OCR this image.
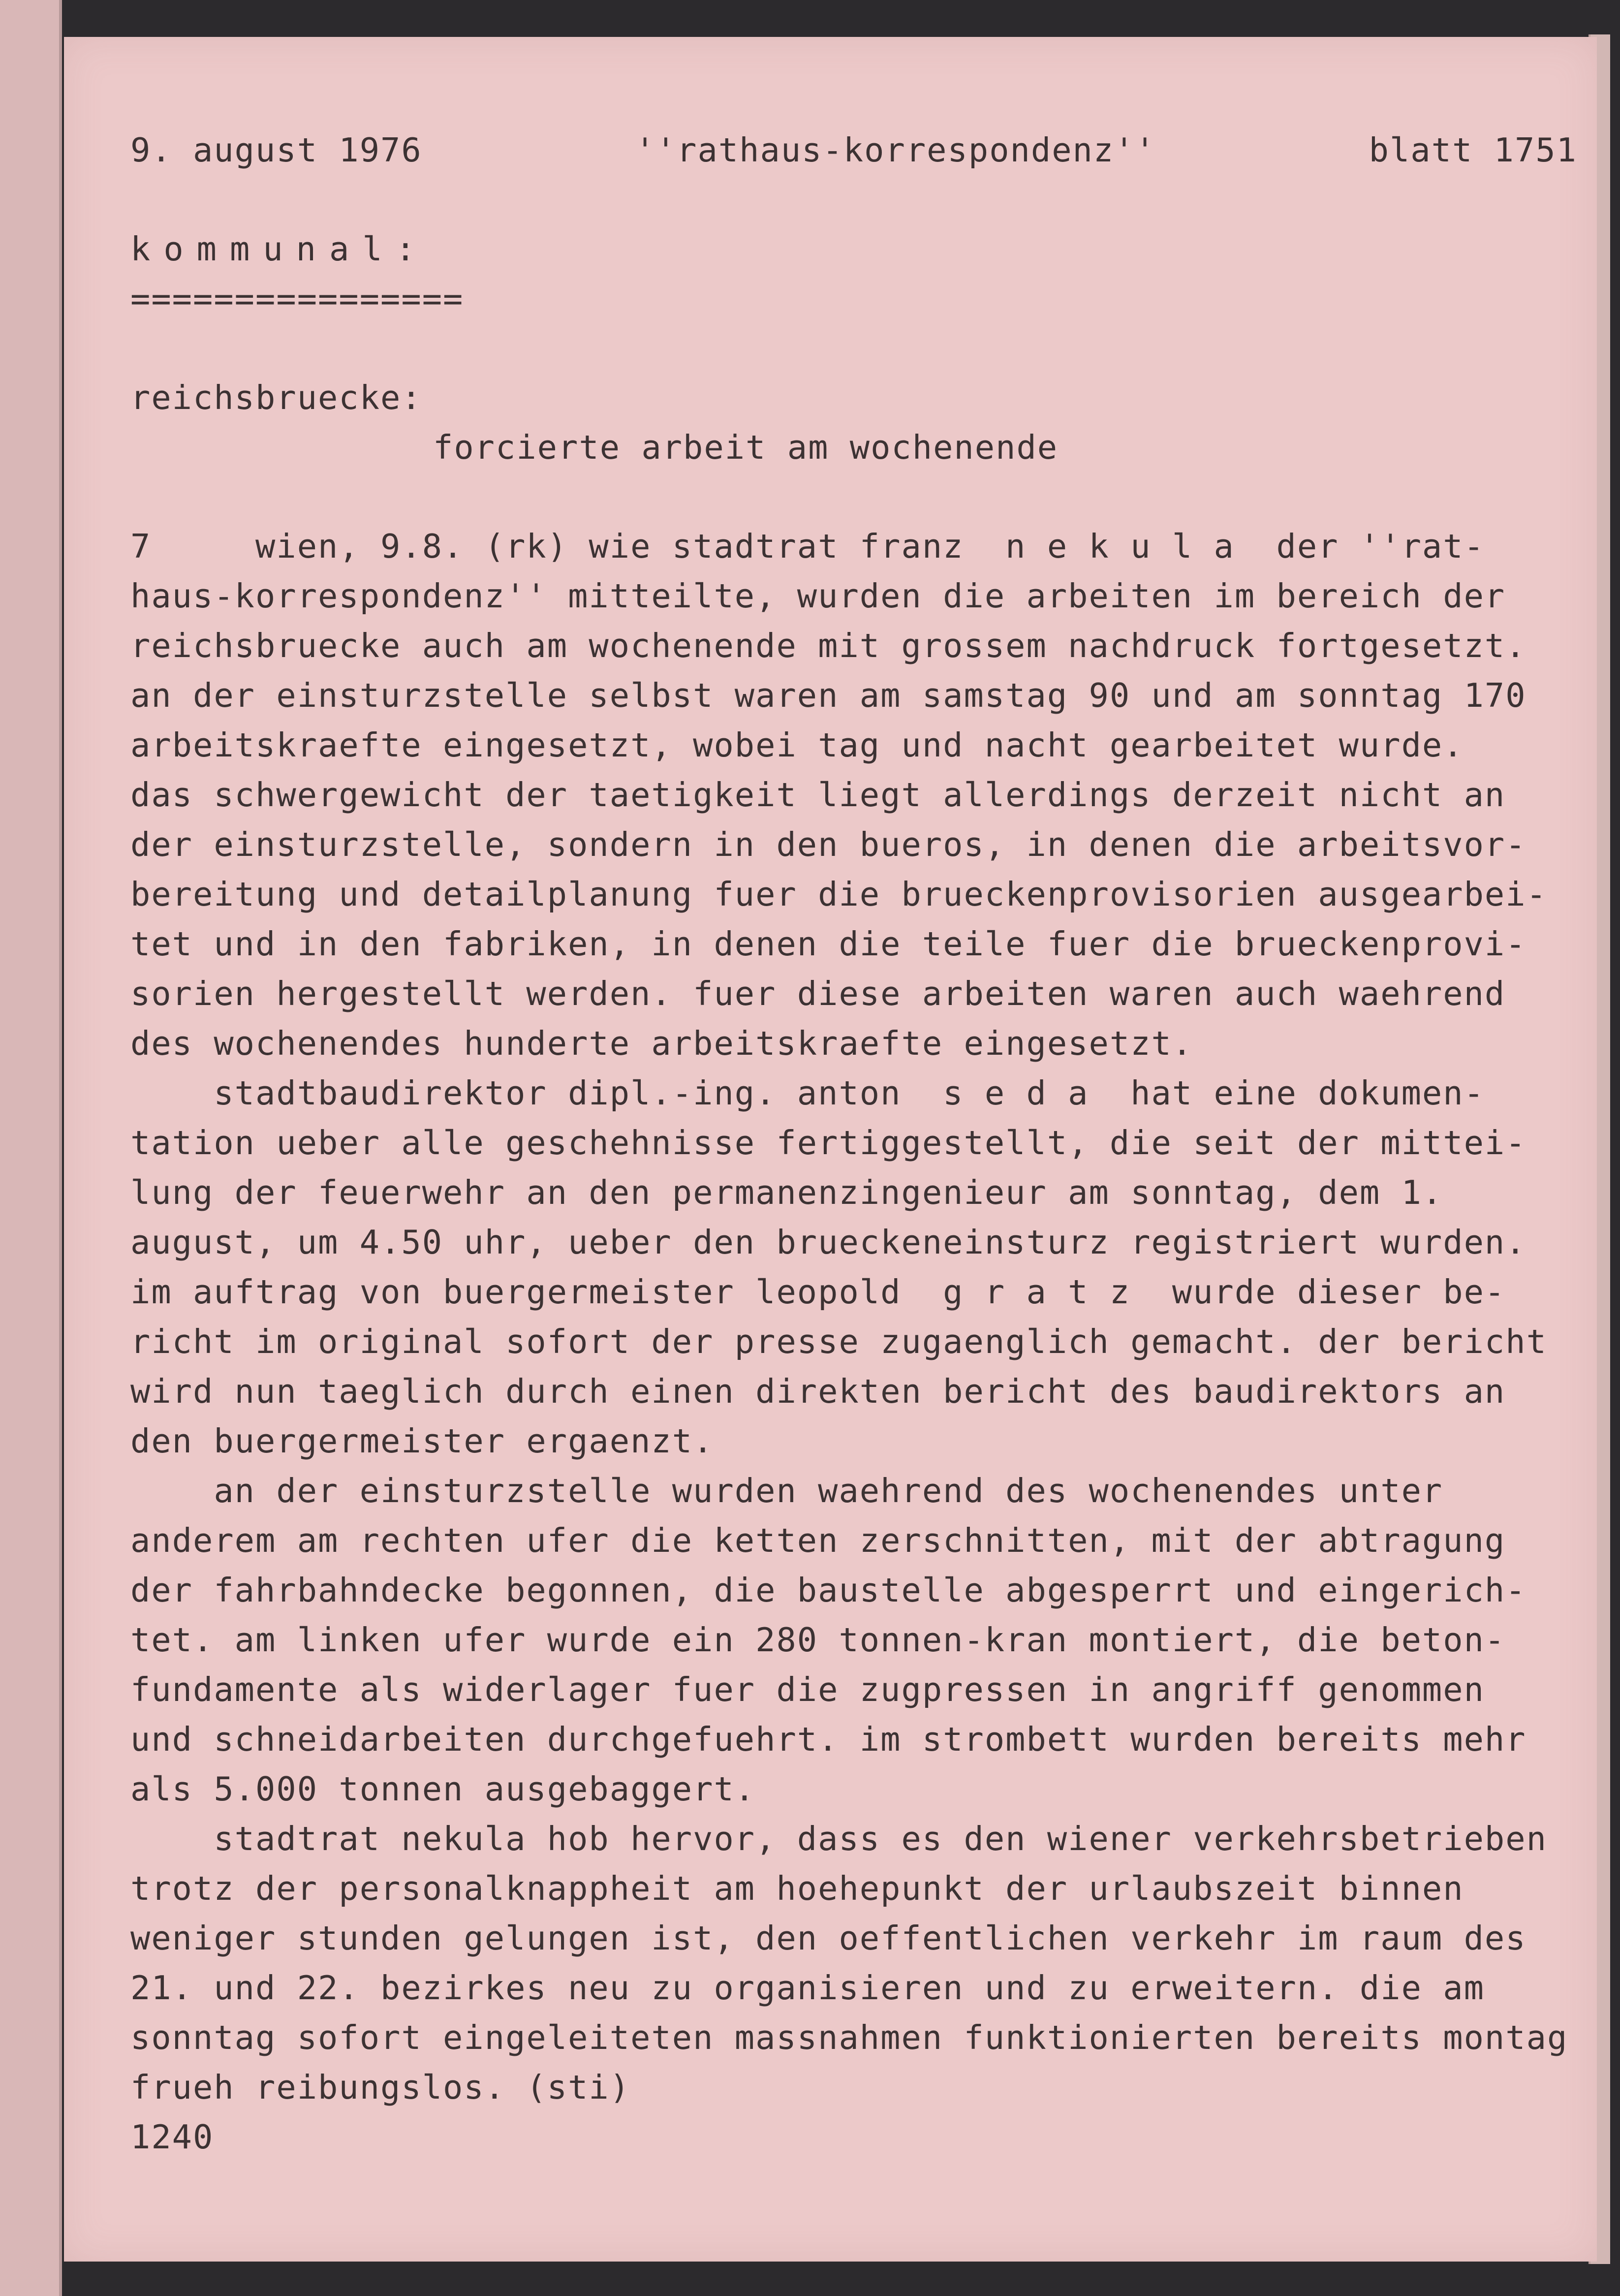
9. august 1976	''rathaus-korrespondenz''	blatt 1751
kommunal:
================
reichsbruecke:
forcierte arbeit am wochenende
7     wien, 9.8. (rk) wie stadtrat franz  n e k u l a  der ''rat-
haus-korrespondenz'' mitteilte, wurden die arbeiten im bereich der
reichsbruecke auch am wochenende mit grossem nachdruck fortgesetzt.
an der einsturzstelle selbst waren am samstag 90 und am sonntag 170
arbeitskraefte eingesetzt, wobei tag und nacht gearbeitet wurde.
das schwergewicht der taetigkeit liegt allerdings derzeit nicht an
der einsturzstelle, sondern in den bueros, in denen die arbeitsvor-
bereitung und detailplanung fuer die brueckenprovisorien ausgearbei-
tet und in den fabriken, in denen die teile fuer die brueckenprovi-
sorien hergestellt werden. fuer diese arbeiten waren auch waehrend
des wochenendes hunderte arbeitskraefte eingesetzt.
stadtbaudirektor dipl.-ing. anton  s e d a  hat eine dokumen-
tation ueber alle geschehnisse fertiggestellt, die seit der mittei-
lung der feuerwehr an den permanenzingenieur am sonntag, dem 1.
august, um 4.50 uhr, ueber den brueckeneinsturz registriert wurden.
im auftrag von buergermeister leopold  g r a t z  wurde dieser be-
richt im original sofort der presse zugaenglich gemacht. der bericht
wird nun taeglich durch einen direkten bericht des baudirektors an
den buergermeister ergaenzt.
an der einsturzstelle wurden waehrend des wochenendes unter
anderem am rechten ufer die ketten zerschnitten, mit der abtragung
der fahrbahndecke begonnen, die baustelle abgesperrt und eingerich-
tet. am linken ufer wurde ein 280 tonnen-kran montiert, die beton-
fundamente als widerlager fuer die zugpressen in angriff genommen
und schneidarbeiten durchgefuehrt. im strombett wurden bereits mehr
als 5.000 tonnen ausgebaggert.
stadtrat nekula hob hervor, dass es den wiener verkehrsbetrieben
trotz der personalknappheit am hoehepunkt der urlaubszeit binnen
weniger stunden gelungen ist, den oeffentlichen verkehr im raum des
21. und 22. bezirkes neu zu organisieren und zu erweitern. die am
sonntag sofort eingeleiteten massnahmen funktionierten bereits montag
frueh reibungslos. (sti)
1240
